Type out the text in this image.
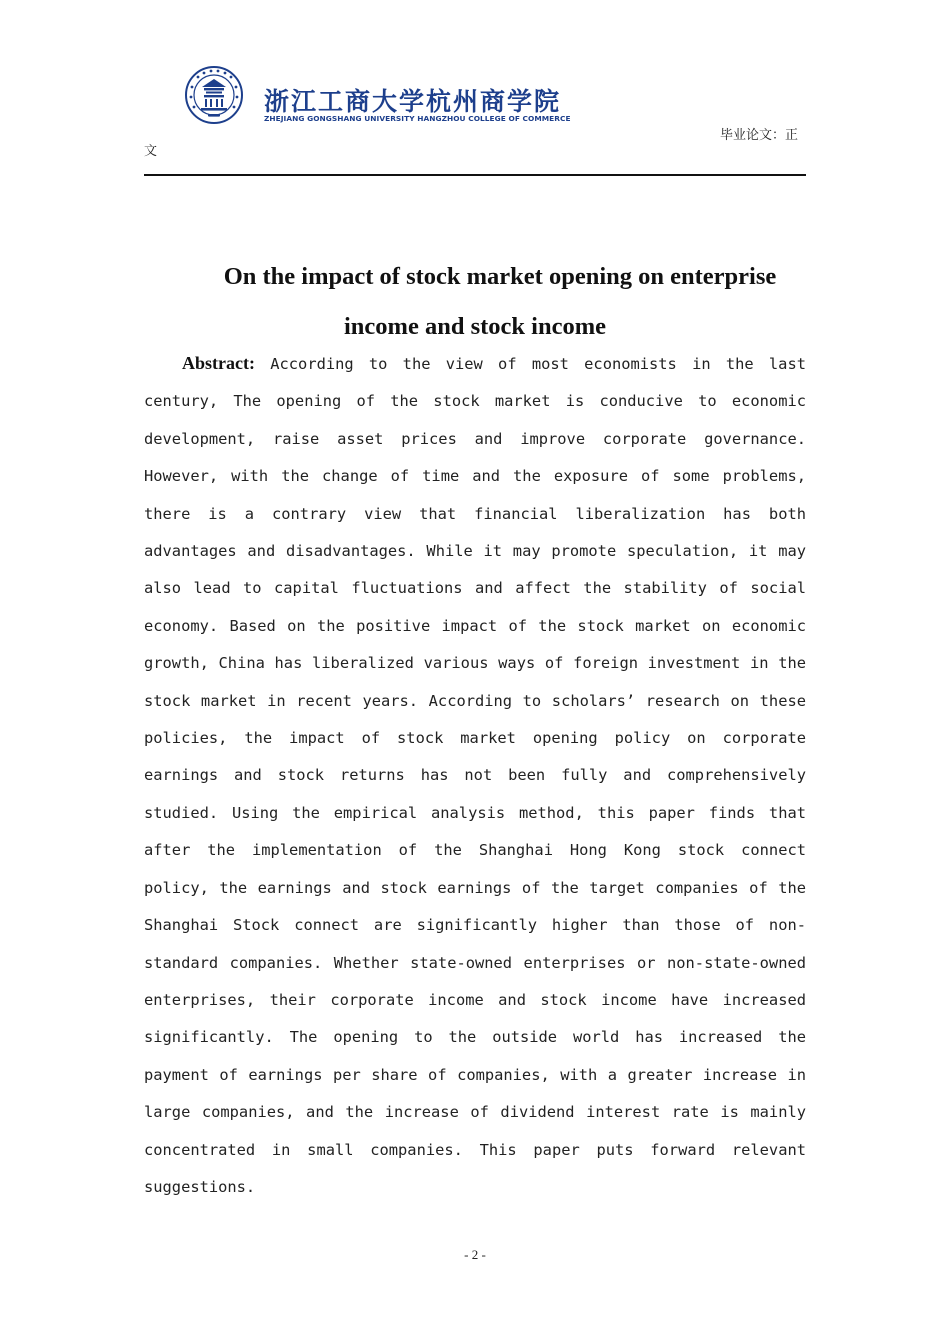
浙江工商大学杭州商学院
ZHEJIANG GONGSHANG UNIVERSITY HANGZHOU COLLEGE OF COMMERCE
毕业论文：正
文
On the impact of stock market opening on enterprise
income and stock income
Abstract: According to the view of most economists in the last century, The opening of the stock market is conducive to economic development, raise asset prices and improve corporate governance. However, with the change of time and the exposure of some problems, there is a contrary view that financial liberalization has both advantages and disadvantages. While it may promote speculation, it may also lead to capital fluctuations and affect the stability of social economy. Based on the positive impact of the stock market on economic growth, China has liberalized various ways of foreign investment in the stock market in recent years. According to scholars’ research on these policies, the impact of stock market opening policy on corporate earnings and stock returns has not been fully and comprehensively studied. Using the empirical analysis method, this paper finds that after the implementation of the Shanghai Hong Kong stock connect policy, the earnings and stock earnings of the target companies of the Shanghai Stock connect are significantly higher than those of non-standard companies. Whether state-owned enterprises or non-state-owned enterprises, their corporate income and stock income have increased significantly. The opening to the outside world has increased the payment of earnings per share of companies, with a greater increase in large companies, and the increase of dividend interest rate is mainly concentrated in small companies. This paper puts forward relevant suggestions.
- 2 -
